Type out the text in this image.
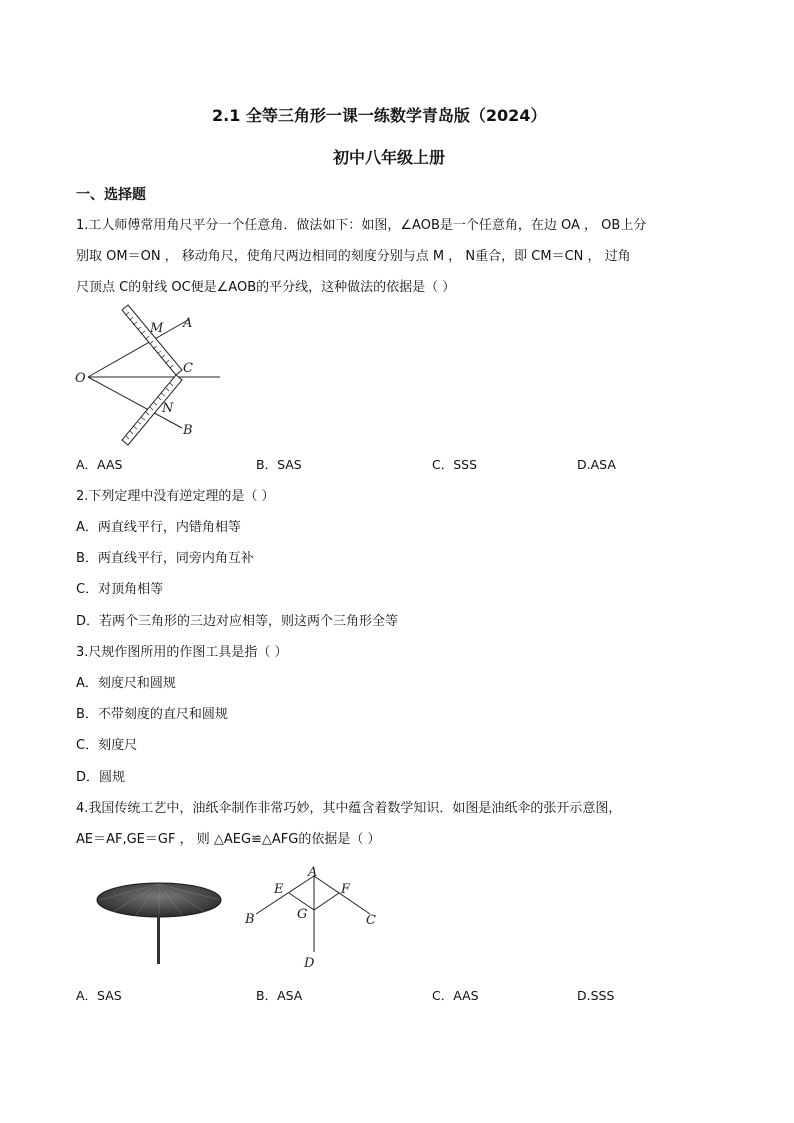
2.1 全等三角形一课一练数学青岛版（2024）
初中八年级上册
一、选择题
1.工人师傅常用角尺平分一个任意角．做法如下：如图，∠AOB是一个任意角，在边 OA ， OB上分
别取 OM＝ON ， 移动角尺，使角尺两边相同的刻度分别与点 M ， N重合，即 CM＝CN ， 过角
尺顶点 C的射线 OC便是∠AOB的平分线，这种做法的依据是（ ）
O
M A
C
N
B
A．AAS	B．SAS	C．SSS	D.ASA
2.下列定理中没有逆定理的是（ ）
A．两直线平行，内错角相等
B．两直线平行，同旁内角互补
C．对顶角相等
D．若两个三角形的三边对应相等，则这两个三角形全等
3.尺规作图所用的作图工具是指（ ）
A．刻度尺和圆规
B．不带刻度的直尺和圆规
C．刻度尺
D．圆规
4.我国传统工艺中，油纸伞制作非常巧妙，其中蕴含着数学知识．如图是油纸伞的张开示意图，
AE＝AF,GE＝GF ， 则 △AEG≌△AFG的依据是（ ）
A
E	F
B	G	C
D
A．SAS	B．ASA	C．AAS	D.SSS
